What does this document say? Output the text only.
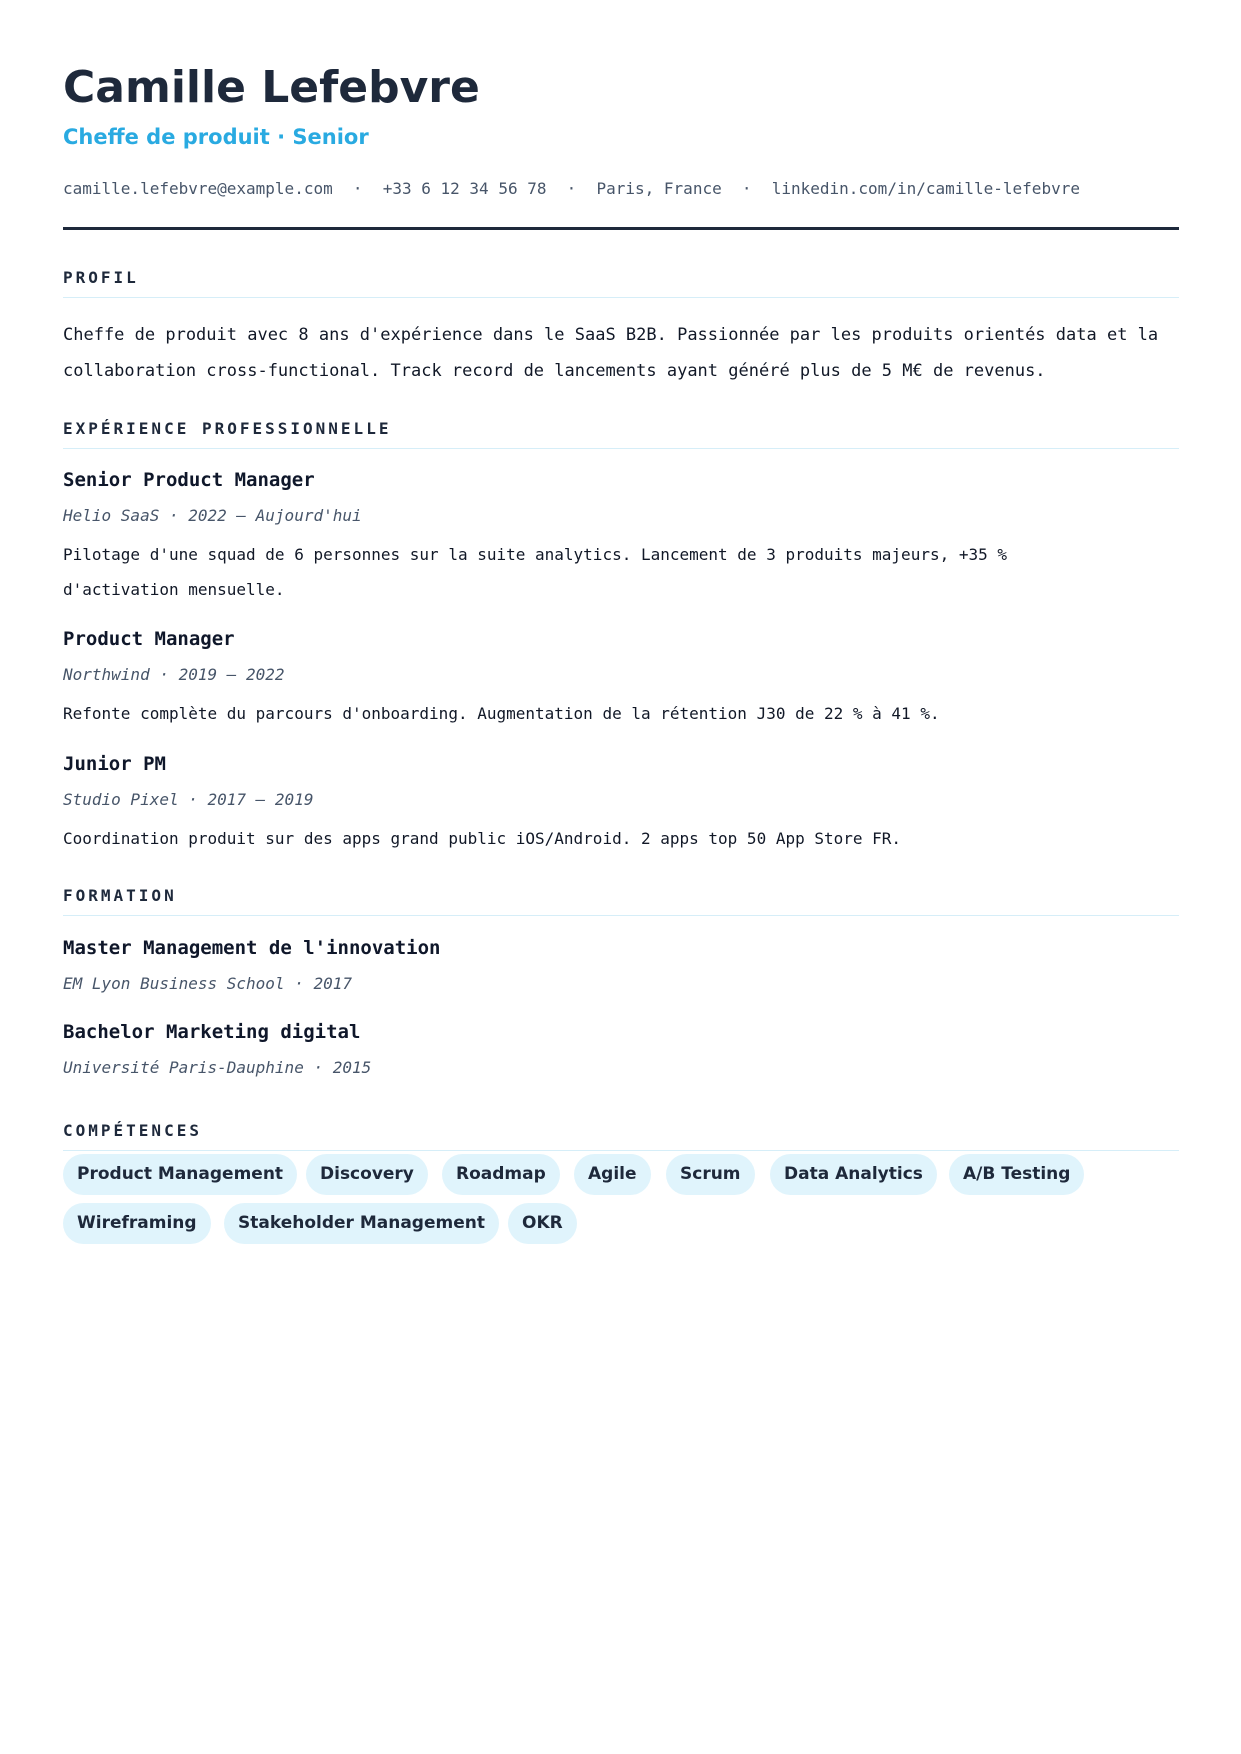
Camille Lefebvre
Cheffe de produit · Senior
camille.lefebvre@example.com · +33 6 12 34 56 78 · Paris, France · linkedin.com/in/camille-lefebvre
PROFIL
Cheffe de produit avec 8 ans d'expérience dans le SaaS B2B. Passionnée par les produits orientés data et la collaboration cross-functional. Track record de lancements ayant généré plus de 5 M€ de revenus.
EXPÉRIENCE PROFESSIONNELLE
Senior Product Manager
Helio SaaS · 2022 — Aujourd'hui
Pilotage d'une squad de 6 personnes sur la suite analytics. Lancement de 3 produits majeurs, +35 % d'activation mensuelle.
Product Manager
Northwind · 2019 — 2022
Refonte complète du parcours d'onboarding. Augmentation de la rétention J30 de 22 % à 41 %.
Junior PM
Studio Pixel · 2017 — 2019
Coordination produit sur des apps grand public iOS/Android. 2 apps top 50 App Store FR.
FORMATION
Master Management de l'innovation
EM Lyon Business School · 2017
Bachelor Marketing digital
Université Paris-Dauphine · 2015
COMPÉTENCES
Product Management	Discovery	Roadmap	Agile	Scrum	Data Analytics	A/B Testing
Wireframing	Stakeholder Management	OKR
